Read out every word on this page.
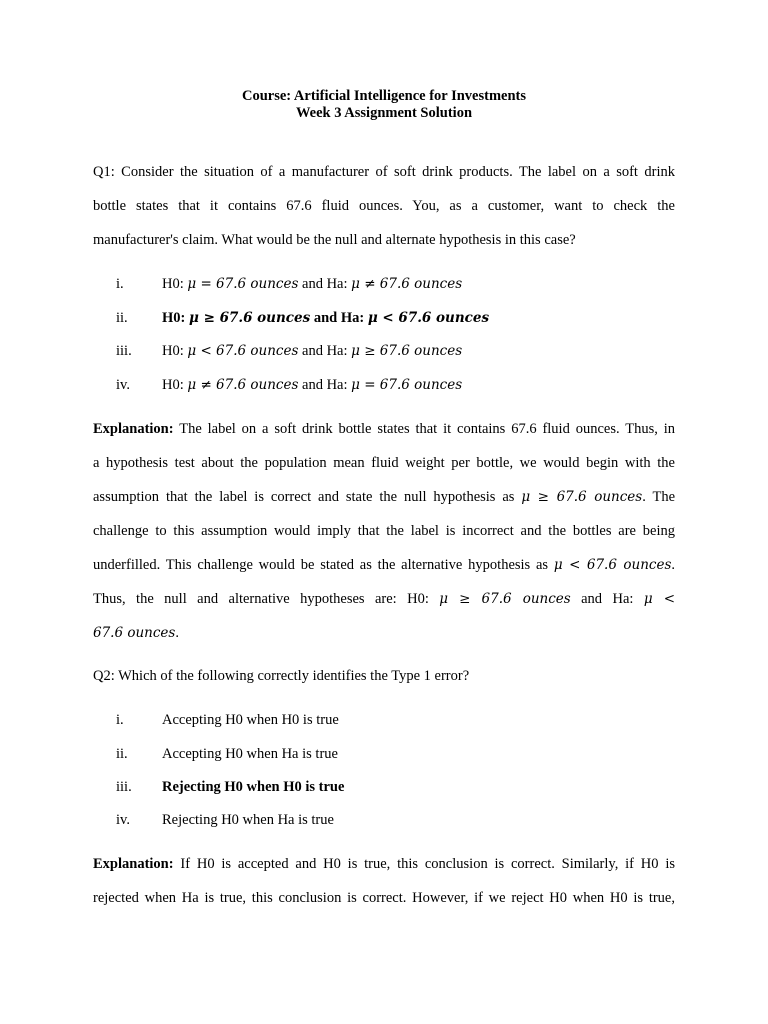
Course: Artificial Intelligence for Investments
Week 3 Assignment Solution
Q1: Consider the situation of a manufacturer of soft drink products. The label on a soft drink
bottle states that it contains 67.6 fluid ounces. You, as a customer, want to check the
manufacturer's claim. What would be the null and alternate hypothesis in this case?
i.	H0: μ = 67.6 ounces and Ha: μ ≠ 67.6 ounces
ii.	H0: μ ≥ 67.6 ounces and Ha: μ < 67.6 ounces
iii.	H0: μ < 67.6 ounces and Ha: μ ≥ 67.6 ounces
iv.	H0: μ ≠ 67.6 ounces and Ha: μ = 67.6 ounces
Explanation: The label on a soft drink bottle states that it contains 67.6 fluid ounces. Thus, in
a hypothesis test about the population mean fluid weight per bottle, we would begin with the
assumption that the label is correct and state the null hypothesis as μ ≥ 67.6 ounces. The
challenge to this assumption would imply that the label is incorrect and the bottles are being
underfilled. This challenge would be stated as the alternative hypothesis as μ < 67.6 ounces.
Thus, the null and alternative hypotheses are: H0: μ ≥ 67.6 ounces and Ha: μ <
67.6 ounces.
Q2: Which of the following correctly identifies the Type 1 error?
i.	Accepting H0 when H0 is true
ii.	Accepting H0 when Ha is true
iii.	Rejecting H0 when H0 is true
iv.	Rejecting H0 when Ha is true
Explanation: If H0 is accepted and H0 is true, this conclusion is correct. Similarly, if H0 is
rejected when Ha is true, this conclusion is correct. However, if we reject H0 when H0 is true,
